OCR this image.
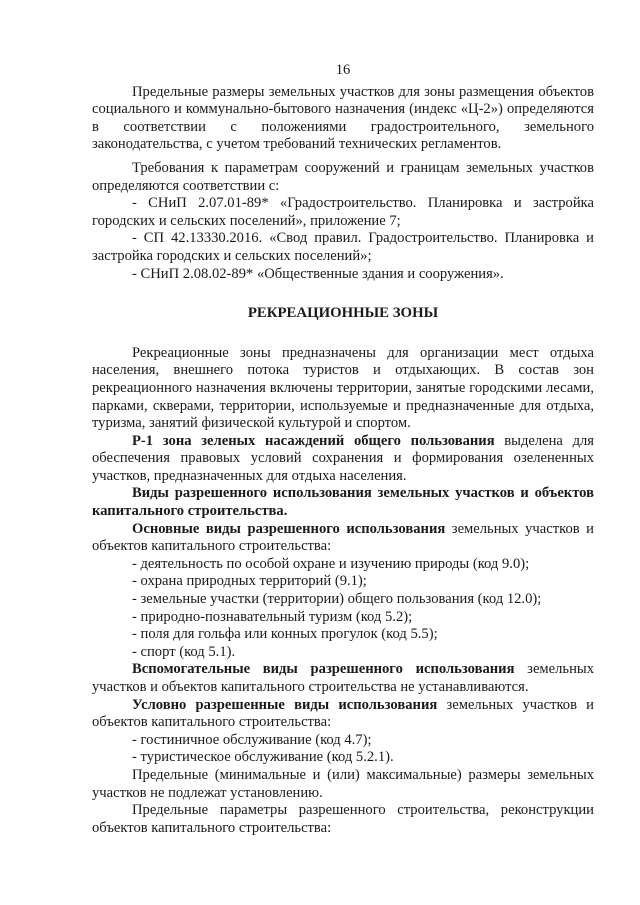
16

Предельные размеры земельных участков для зоны размещения объектов социального и коммунально-бытового назначения (индекс «Ц-2») определяются в соответствии с положениями градостроительного, земельного законодательства, с учетом требований технических регламентов.

Требования к параметрам сооружений и границам земельных участков определяются соответствии с:

- СНиП 2.07.01-89* «Градостроительство. Планировка и застройка городских и сельских поселений», приложение 7;

- СП 42.13330.2016. «Свод правил. Градостроительство. Планировка и застройка городских и сельских поселений»;

- СНиП 2.08.02-89* «Общественные здания и сооружения».

РЕКРЕАЦИОННЫЕ ЗОНЫ

Рекреационные зоны предназначены для организации мест отдыха населения, внешнего потока туристов и отдыхающих. В состав зон рекреационного назначения включены территории, занятые городскими лесами, парками, скверами, территории, используемые и предназначенные для отдыха, туризма, занятий физической культурой и спортом.

Р-1 зона зеленых насаждений общего пользования выделена для обеспечения правовых условий сохранения и формирования озелененных участков, предназначенных для отдыха населения.

Виды разрешенного использования земельных участков и объектов капитального строительства.

Основные виды разрешенного использования земельных участков и объектов капитального строительства:

- деятельность по особой охране и изучению природы (код 9.0);

- охрана природных территорий (9.1);

- земельные участки (территории) общего пользования (код 12.0);

- природно-познавательный туризм (код 5.2);

- поля для гольфа или конных прогулок (код 5.5);

- спорт (код 5.1).

Вспомогательные виды разрешенного использования земельных участков и объектов капитального строительства не устанавливаются.

Условно разрешенные виды использования земельных участков и объектов капитального строительства:

- гостиничное обслуживание (код 4.7);

- туристическое обслуживание (код 5.2.1).

Предельные (минимальные и (или) максимальные) размеры земельных участков не подлежат установлению.

Предельные параметры разрешенного строительства, реконструкции объектов капитального строительства:
